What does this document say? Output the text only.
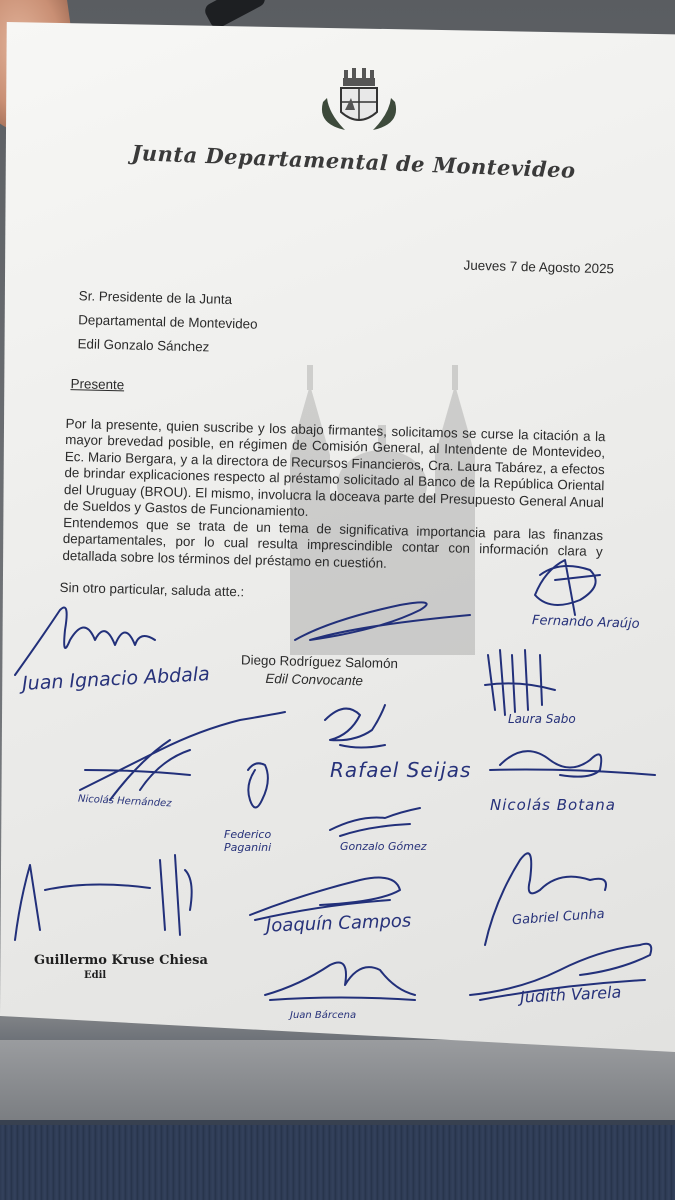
Junta Departamental de Montevideo
Jueves 7 de Agosto 2025
Sr. Presidente de la Junta
Departamental de Montevideo
Edil Gonzalo Sánchez
Presente
Por la presente, quien suscribe y los abajo firmantes, solicitamos se curse la citación a la mayor brevedad posible, en régimen de Comisión General, al Intendente de Montevideo, Ec. Mario Bergara, y a la directora de Recursos Financieros, Cra. Laura Tabárez, a efectos de brindar explicaciones respecto al préstamo solicitado al Banco de la República Oriental del Uruguay (BROU). El mismo, involucra la doceava parte del Presupuesto General Anual de Sueldos y Gastos de Funcionamiento.
Entendemos que se trata de un tema de significativa importancia para las finanzas departamentales, por lo cual resulta imprescindible contar con información clara y detallada sobre los términos del préstamo en cuestión.
Sin otro particular, saluda atte.:
Diego Rodríguez Salomón
Edil Convocante
Juan Ignacio Abdala
Fernando Araújo
Laura Sabo
Rafael Seijas
Nicolás Hernández	Nicolás Botana
Federico Paganini	Gonzalo Gómez
Joaquín Campos	Gabriel Cunha
Judith Varela
Juan Bárcena
Guillermo Kruse Chiesa
Edil
